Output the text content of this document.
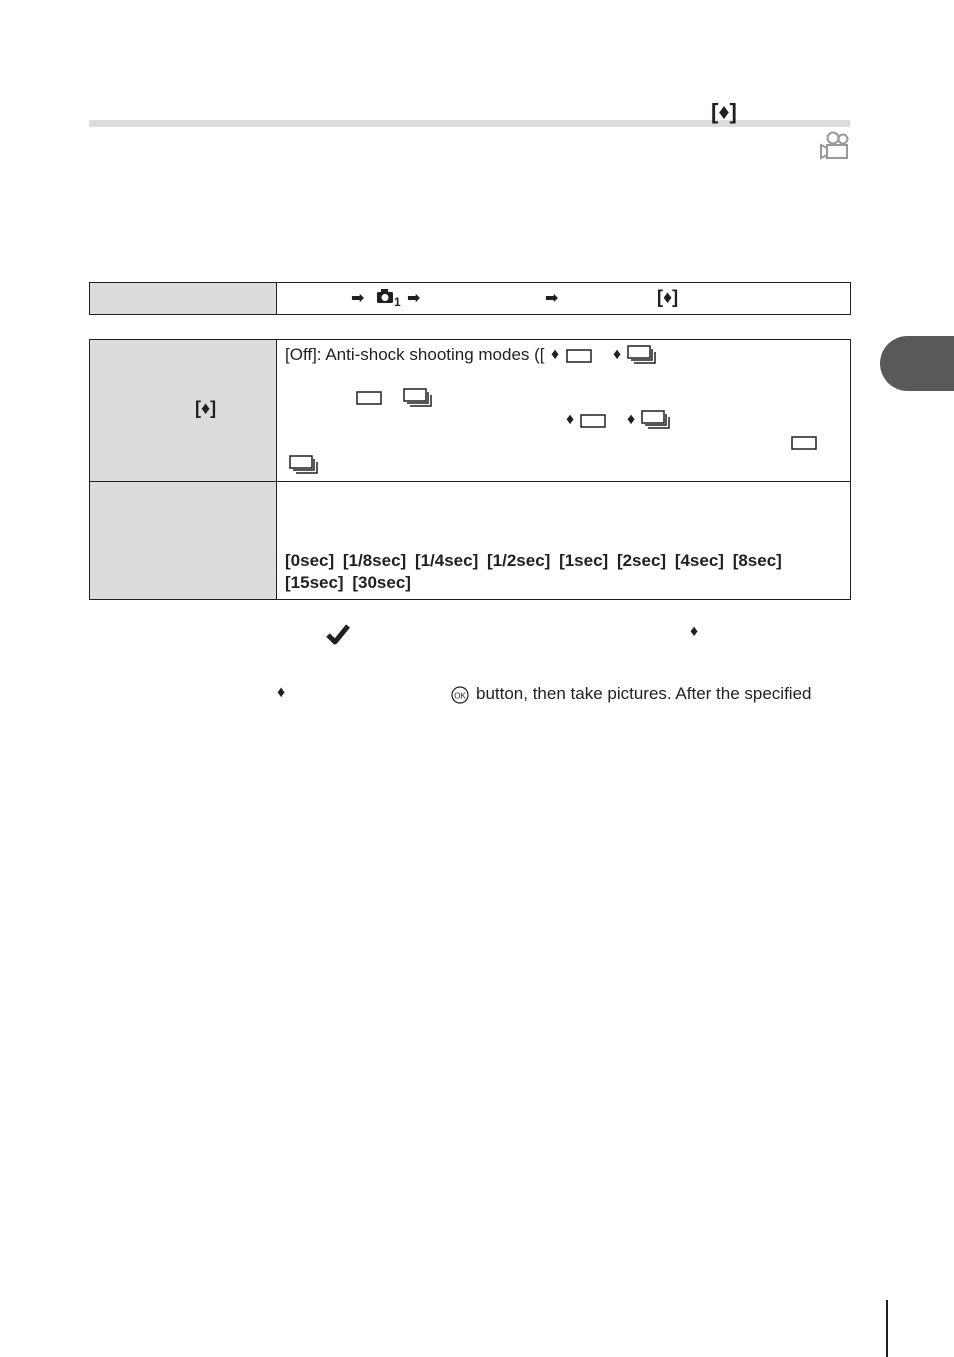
[♦]

➡ 1 ➡	➡	[♦]
[♦]	[Off]: Anti-shock shooting modes ([ ♦ ♦
♦ ♦

	[0sec] [1/8sec] [1/4sec] [1/2sec] [1sec] [2sec] [4sec] [8sec]
[15sec] [30sec]
♦
♦	OK button, then take pictures. After the specified
